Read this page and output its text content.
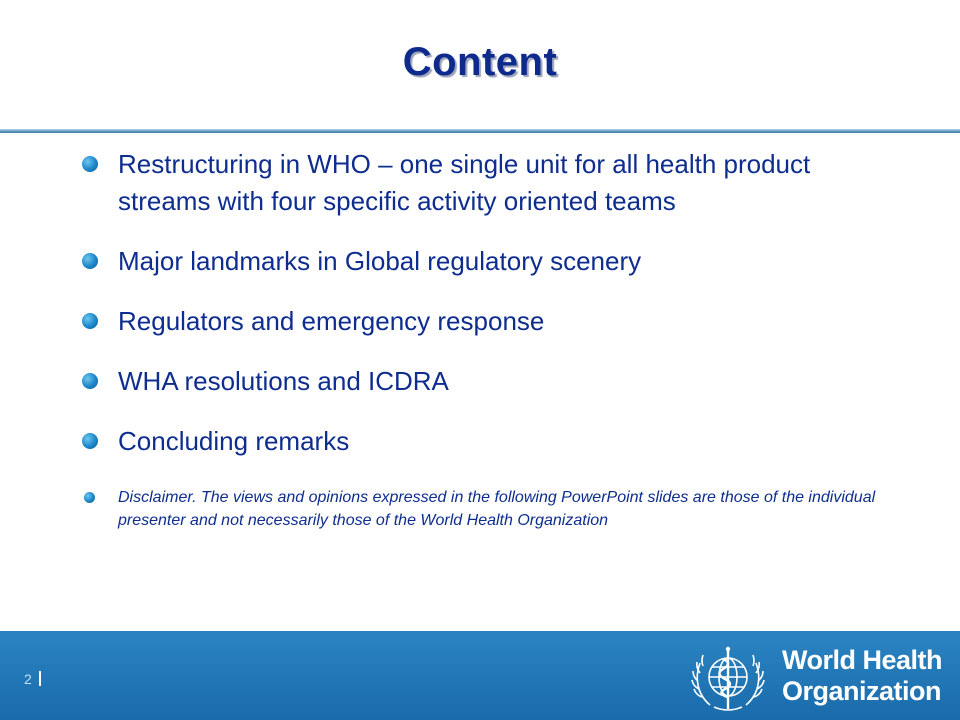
Content
Restructuring in WHO – one single unit for all health product streams with four specific activity oriented teams
Major landmarks in Global regulatory scenery
Regulators and emergency response
WHA resolutions and ICDRA
Concluding remarks
Disclaimer. The views and opinions expressed in the following PowerPoint slides are those of the individual presenter and not necessarily those of the World Health Organization
2
World Health
Organization
